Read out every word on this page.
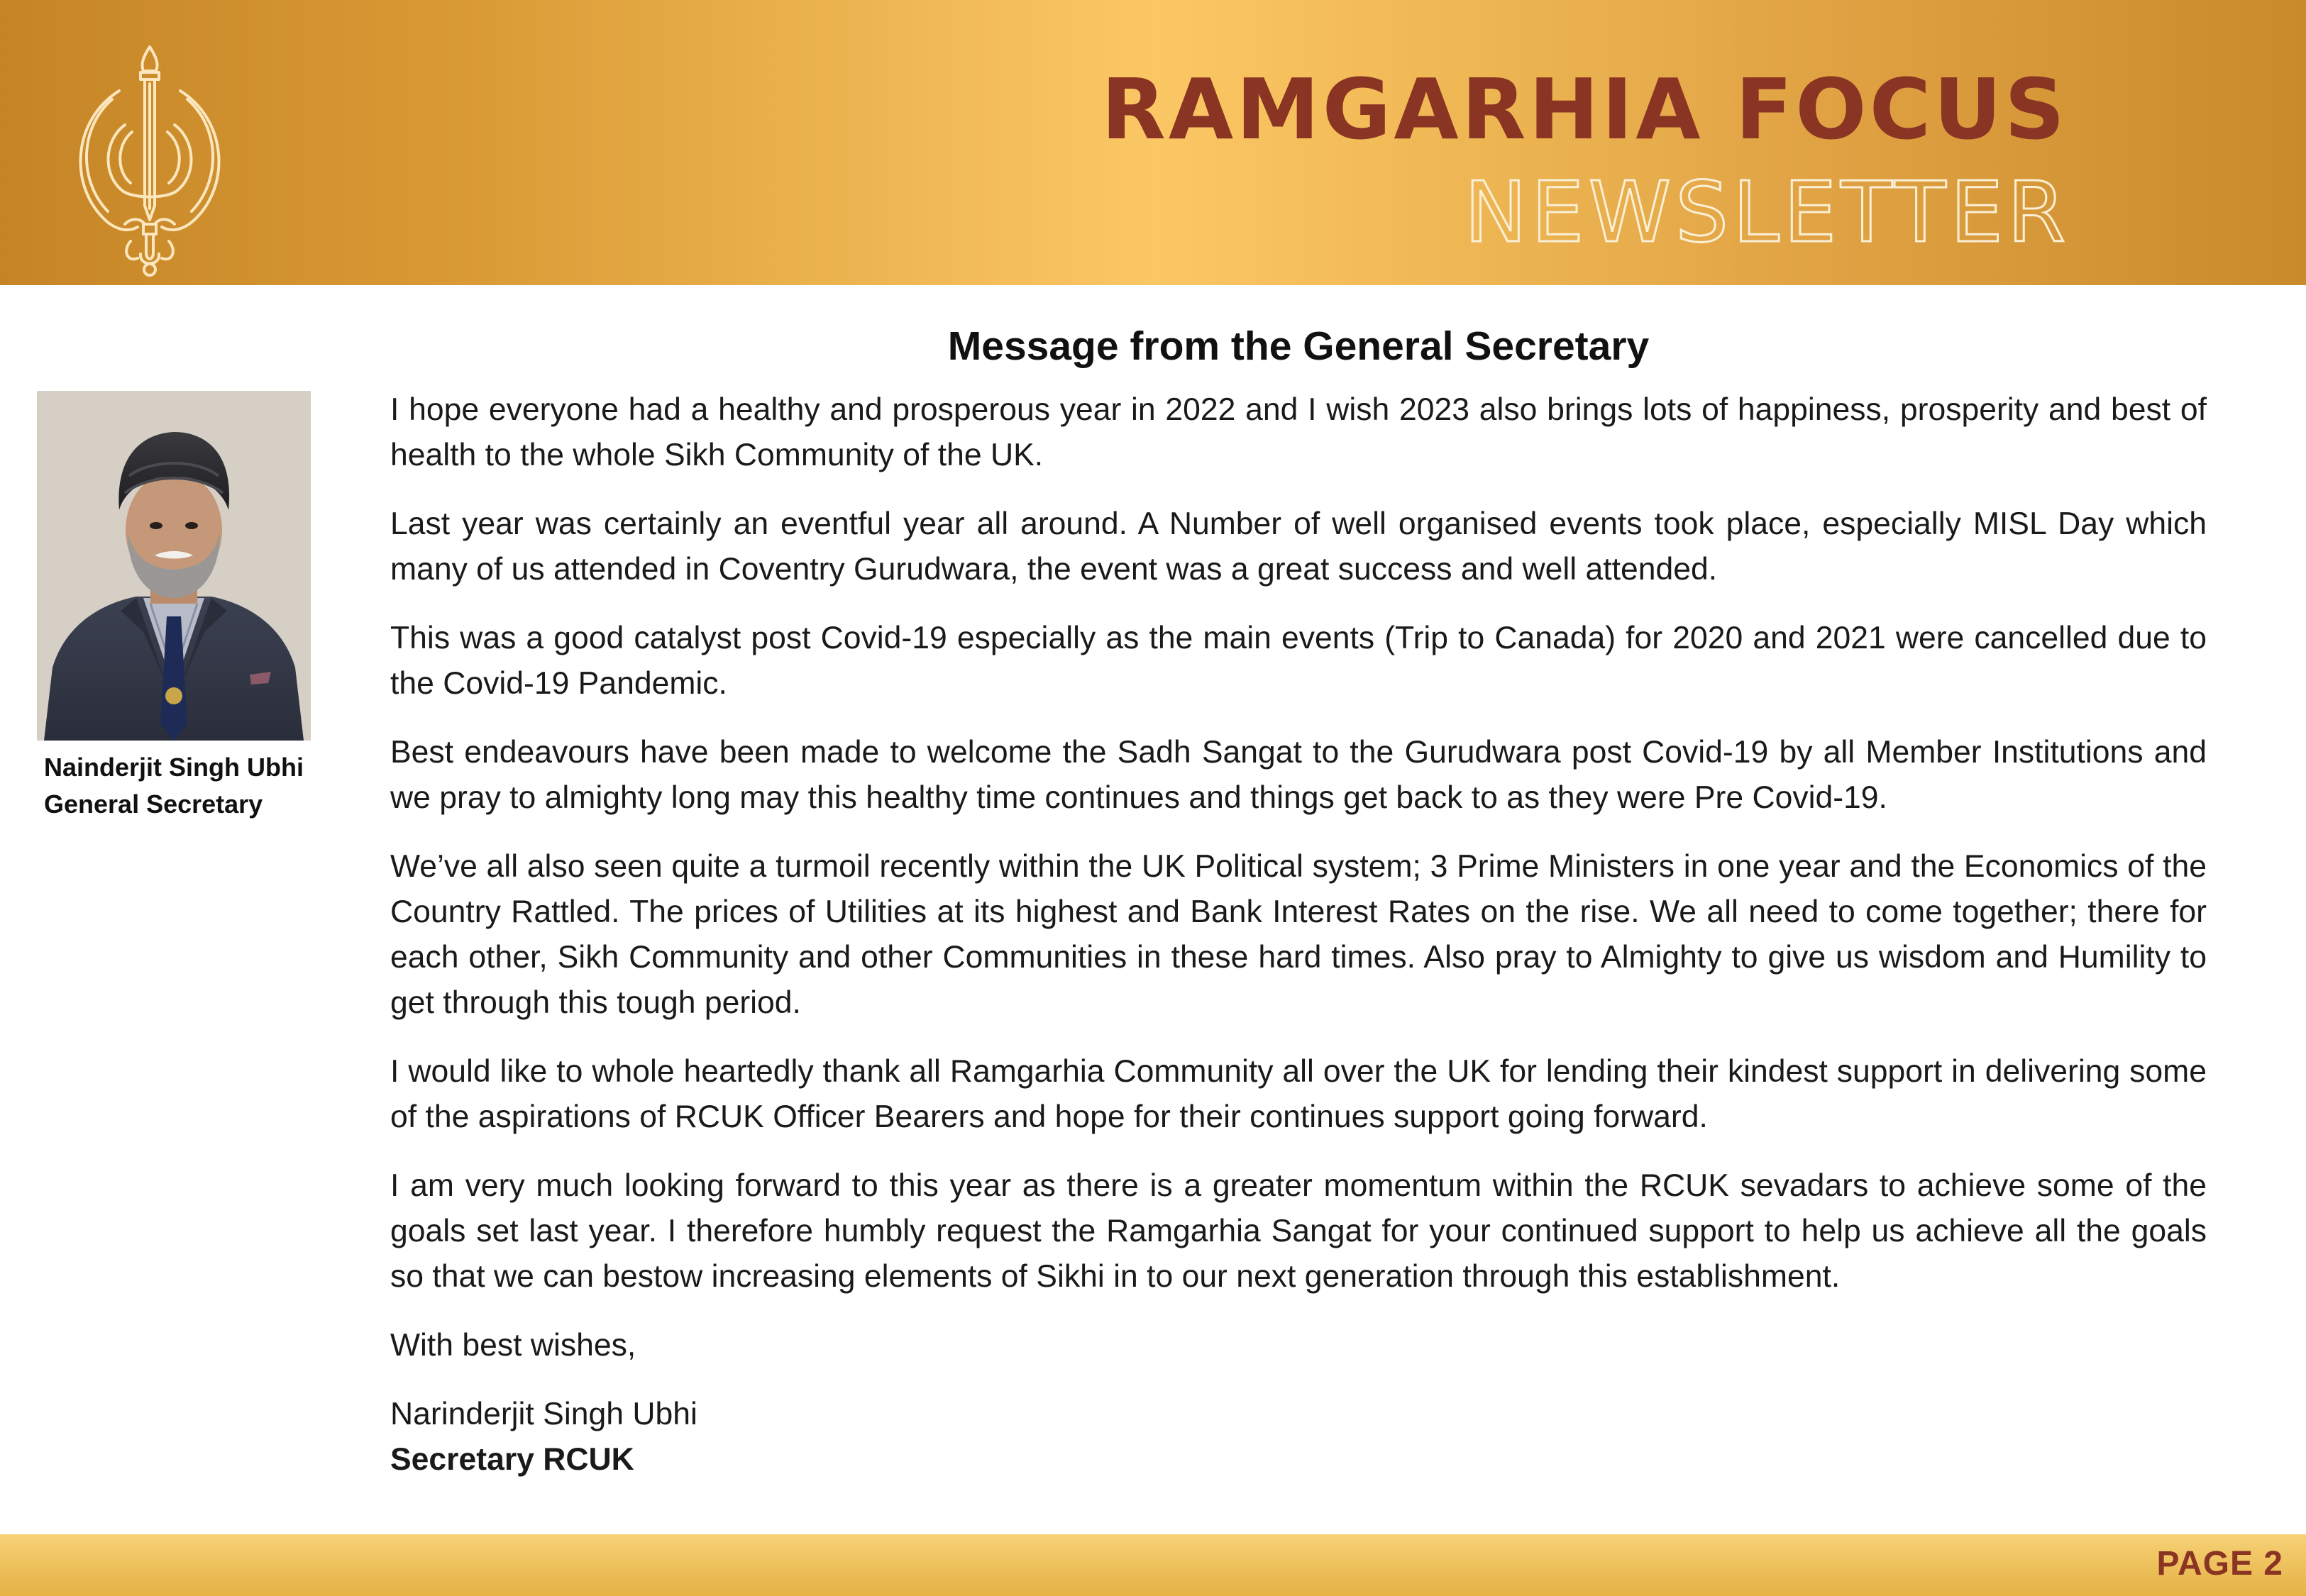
RAMGARHIA FOCUS
NEWSLETTER
Message from the General Secretary
Nainderjit Singh Ubhi
General Secretary

I hope everyone had a healthy and prosperous year in 2022 and I wish 2023 also brings lots of happiness, prosperity and best of health to the whole Sikh Community of the UK.

Last year was certainly an eventful year all around. A Number of well organised events took place, especially MISL Day which many of us attended in Coventry Gurudwara, the event was a great success and well attended.

This was a good catalyst post Covid-19 especially as the main events (Trip to Canada) for 2020 and 2021 were cancelled due to the Covid-19 Pandemic.

Best endeavours have been made to welcome the Sadh Sangat to the Gurudwara post Covid-19 by all Member Institutions and we pray to almighty long may this healthy time continues and things get back to as they were Pre Covid-19.

We’ve all also seen quite a turmoil recently within the UK Political system; 3 Prime Ministers in one year and the Economics of the Country Rattled. The prices of Utilities at its highest and Bank Interest Rates on the rise. We all need to come together; there for each other, Sikh Community and other Communities in these hard times. Also pray to Almighty to give us wisdom and Humility to get through this tough period.

I would like to whole heartedly thank all Ramgarhia Community all over the UK for lending their kindest support in delivering some of the aspirations of RCUK Officer Bearers and hope for their continues support going forward.

I am very much looking forward to this year as there is a greater momentum within the RCUK sevadars to achieve some of the goals set last year. I therefore humbly request the Ramgarhia Sangat for your continued support to help us achieve all the goals so that we can bestow increasing elements of Sikhi in to our next generation through this establishment.

With best wishes,

Narinderjit Singh Ubhi
Secretary RCUK

PAGE 2
